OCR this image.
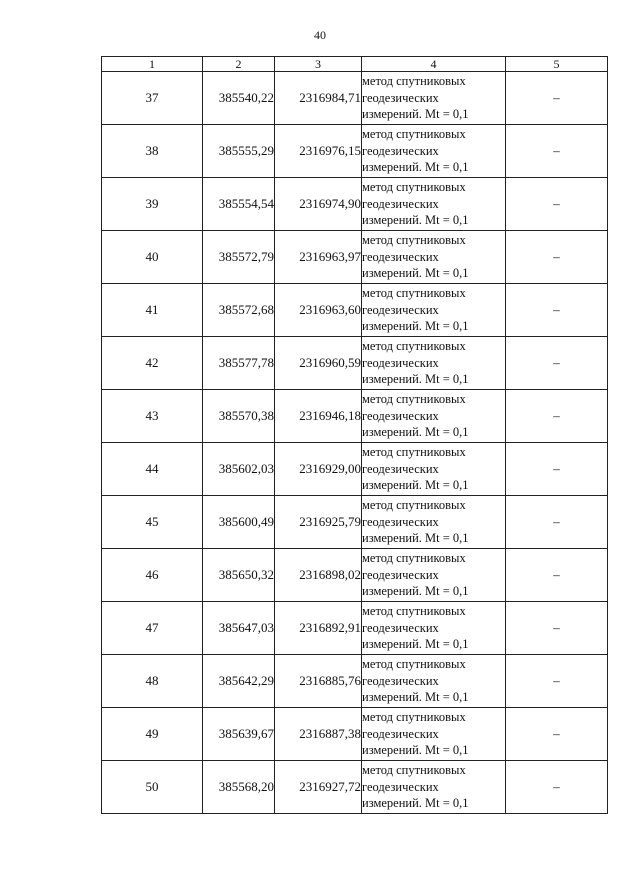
40
1	2	3	4	5
37	385540,22	2316984,71	метод спутниковых
геодезических
измерений. Mt = 0,1	–
38	385555,29	2316976,15	метод спутниковых
геодезических
измерений. Mt = 0,1	–
39	385554,54	2316974,90	метод спутниковых
геодезических
измерений. Mt = 0,1	–
40	385572,79	2316963,97	метод спутниковых
геодезических
измерений. Mt = 0,1	–
41	385572,68	2316963,60	метод спутниковых
геодезических
измерений. Mt = 0,1	–
42	385577,78	2316960,59	метод спутниковых
геодезических
измерений. Mt = 0,1	–
43	385570,38	2316946,18	метод спутниковых
геодезических
измерений. Mt = 0,1	–
44	385602,03	2316929,00	метод спутниковых
геодезических
измерений. Mt = 0,1	–
45	385600,49	2316925,79	метод спутниковых
геодезических
измерений. Mt = 0,1	–
46	385650,32	2316898,02	метод спутниковых
геодезических
измерений. Mt = 0,1	–
47	385647,03	2316892,91	метод спутниковых
геодезических
измерений. Mt = 0,1	–
48	385642,29	2316885,76	метод спутниковых
геодезических
измерений. Mt = 0,1	–
49	385639,67	2316887,38	метод спутниковых
геодезических
измерений. Mt = 0,1	–
50	385568,20	2316927,72	метод спутниковых
геодезических
измерений. Mt = 0,1	–
